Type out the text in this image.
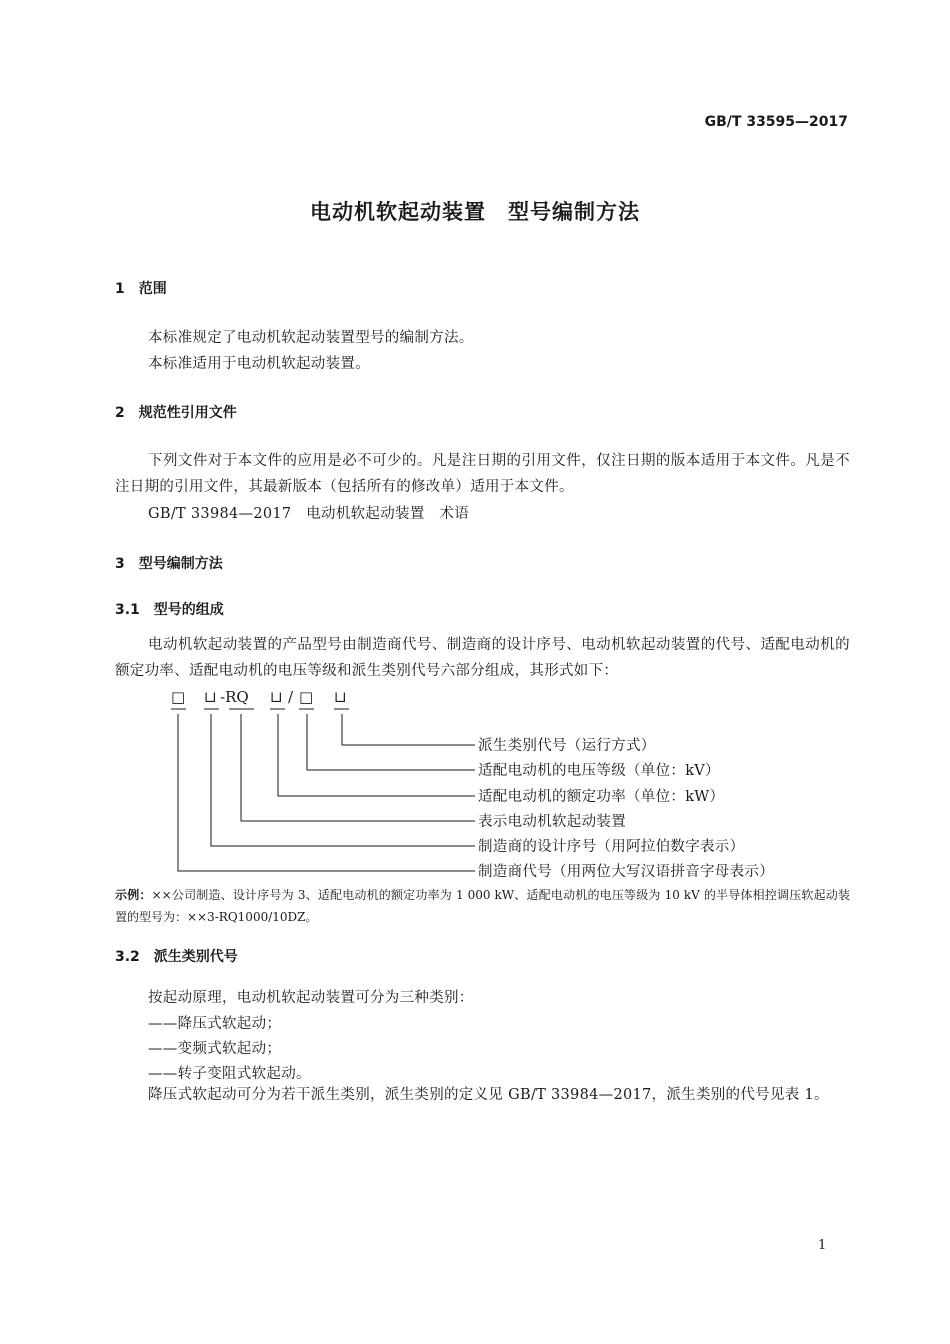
GB/T 33595—2017
电动机软起动装置　型号编制方法
1　范围
本标准规定了电动机软起动装置型号的编制方法。
本标准适用于电动机软起动装置。
2　规范性引用文件
下列文件对于本文件的应用是必不可少的。凡是注日期的引用文件，仅注日期的版本适用于本文件。凡是不注日期的引用文件，其最新版本（包括所有的修改单）适用于本文件。
GB/T 33984—2017　电动机软起动装置　术语
3　型号编制方法
3.1　型号的组成
电动机软起动装置的产品型号由制造商代号、制造商的设计序号、电动机软起动装置的代号、适配电动机的额定功率、适配电动机的电压等级和派生类别代号六部分组成，其形式如下：
□ ⊔ -RQ ⊔ / □ ⊔
派生类别代号（运行方式）
适配电动机的电压等级（单位：kV）
适配电动机的额定功率（单位：kW）
表示电动机软起动装置
制造商的设计序号（用阿拉伯数字表示）
制造商代号（用两位大写汉语拼音字母表示）
示例：××公司制造、设计序号为 3、适配电动机的额定功率为 1 000 kW、适配电动机的电压等级为 10 kV 的半导体相控调压软起动装置的型号为：××3-RQ1000/10DZ。
3.2　派生类别代号
按起动原理，电动机软起动装置可分为三种类别：
——降压式软起动；
——变频式软起动；
——转子变阻式软起动。
降压式软起动可分为若干派生类别，派生类别的定义见 GB/T 33984—2017，派生类别的代号见表 1。
1
